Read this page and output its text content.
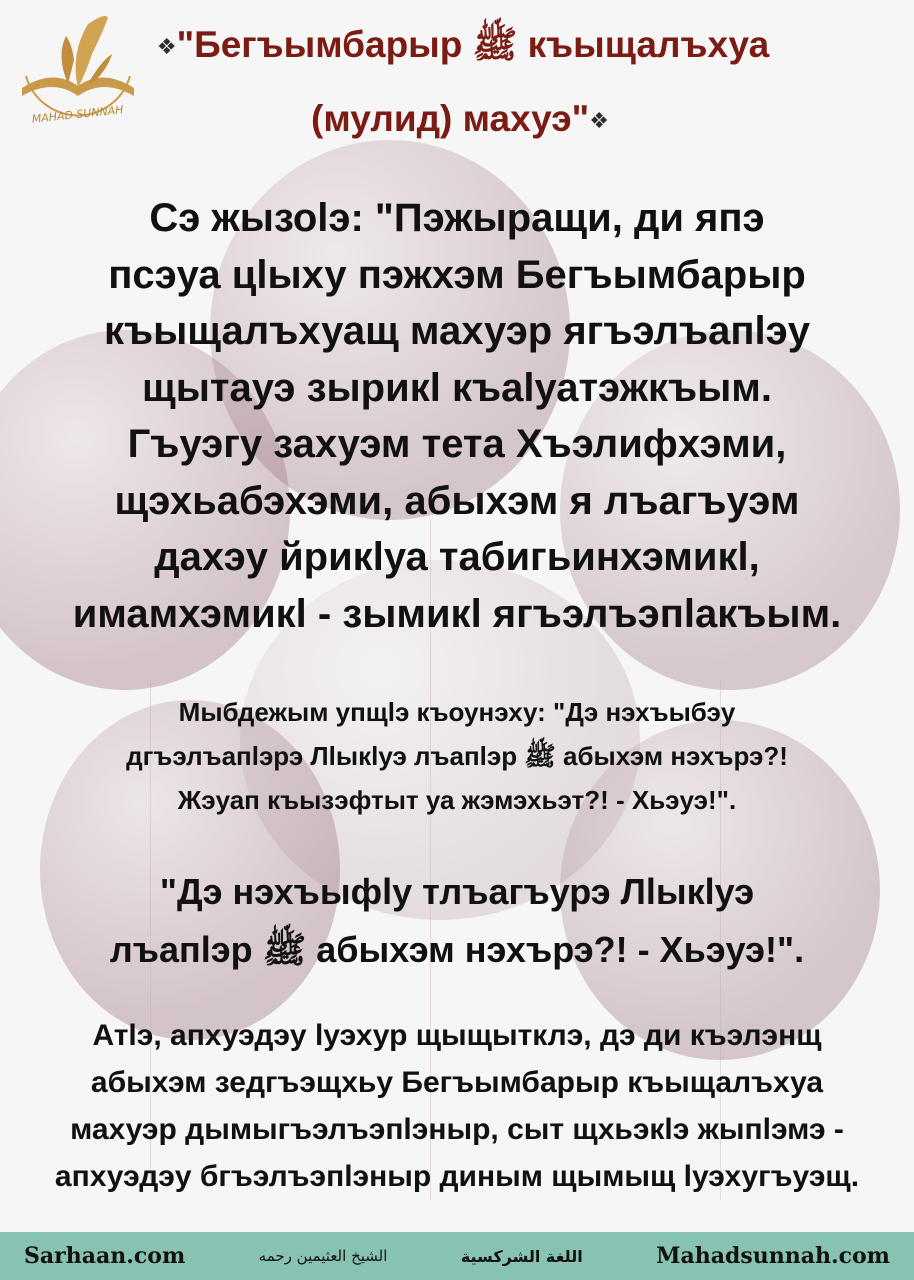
MAHAD SUNNAH
❖"Бегъымбарыр ﷺ къыщалъхуа
(мулид) махуэ"❖
Сэ жызоlэ: "Пэжыращи, ди япэ
псэуа цlыху пэжхэм Бегъымбарыр
къыщалъхуащ махуэр ягъэлъапlэу
щытауэ зырикl къаlуатэжкъым.
Гъуэгу захуэм тета Хъэлифхэми,
щэхьабэхэми, абыхэм я лъагъуэм
дахэу йрикlуа табигьинхэмикl,
имамхэмикl - зымикl ягъэлъэпlакъым.
Мыбдежым упщlэ къоунэху: "Дэ нэхъыбэу
дгъэлъапlэрэ Лlыкlуэ лъапlэр ﷺ абыхэм нэхърэ?!
Жэуап къызэфтыт уа жэмэхьэт?! - Хьэуэ!".
"Дэ нэхъыфlу тлъагъурэ Лlыкlуэ
лъапlэр ﷺ абыхэм нэхърэ?! - Хьэуэ!".
Атlэ, апхуэдэу lуэхур щыщытклэ, дэ ди къэлэнщ
абыхэм зедгъэщхьу Бегъымбарыр къыщалъхуа
махуэр дымыгъэлъэпlэныр, сыт щхьэкlэ жыпlэмэ -
апхуэдэу бгъэлъэпlэныр диным щымыщ lуэхугъуэщ.
Sarhaan.com	الشيخ العثيمين رحمه	اللغة الشركسية	Mahadsunnah.com
